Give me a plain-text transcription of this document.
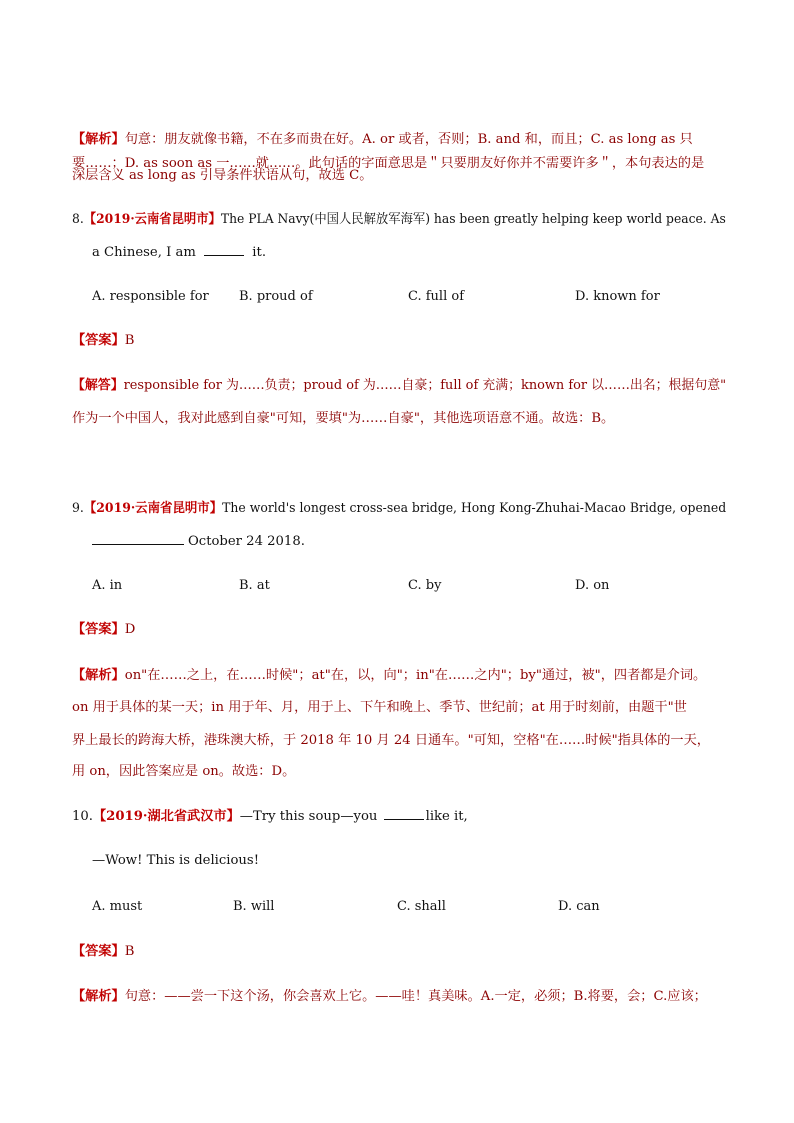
【解析】句意：朋友就像书籍，不在多而贵在好。A. or 或者，否则；B. and 和，而且；C. as long as 只
要……；D. as soon as 一……就……。此句话的字面意思是＂只要朋友好你并不需要许多＂，本句表达的是
深层含义 as long as 引导条件状语从句，故选 C。
8.【2019·云南省昆明市】The PLA Navy(中国人民解放军海军) has been greatly helping keep world peace. As
a Chinese, I am	it.
A. responsible for B. proud of	C. full of	D. known for
【答案】B
【解答】responsible for 为……负责；proud of 为……自豪；full of 充满；known for 以……出名；根据句意"
作为一个中国人，我对此感到自豪"可知，要填"为……自豪"，其他选项语意不通。故选：B。
9.【2019·云南省昆明市】The world's longest cross-sea bridge, Hong Kong-Zhuhai-Macao Bridge, opened
October 24 2018.
A. in	B. at	C. by	D. on
【答案】D
【解析】on"在……之上，在……时候"；at"在，以，向"；in"在……之内"；by"通过，被"，四者都是介词。
on 用于具体的某一天；in 用于年、月，用于上、下午和晚上、季节、世纪前；at 用于时刻前，由题干"世
界上最长的跨海大桥，港珠澳大桥，于 2018 年 10 月 24 日通车。"可知，空格"在……时候"指具体的一天，
用 on，因此答案应是 on。故选：D。
10.【2019·湖北省武汉市】—Try this soup—you	like it,
—Wow! This is delicious!
A. must	B. will	C. shall	D. can
【答案】B
【解析】句意：——尝一下这个汤，你会喜欢上它。——哇！真美味。A.一定，必须；B.将要，会；C.应该；
